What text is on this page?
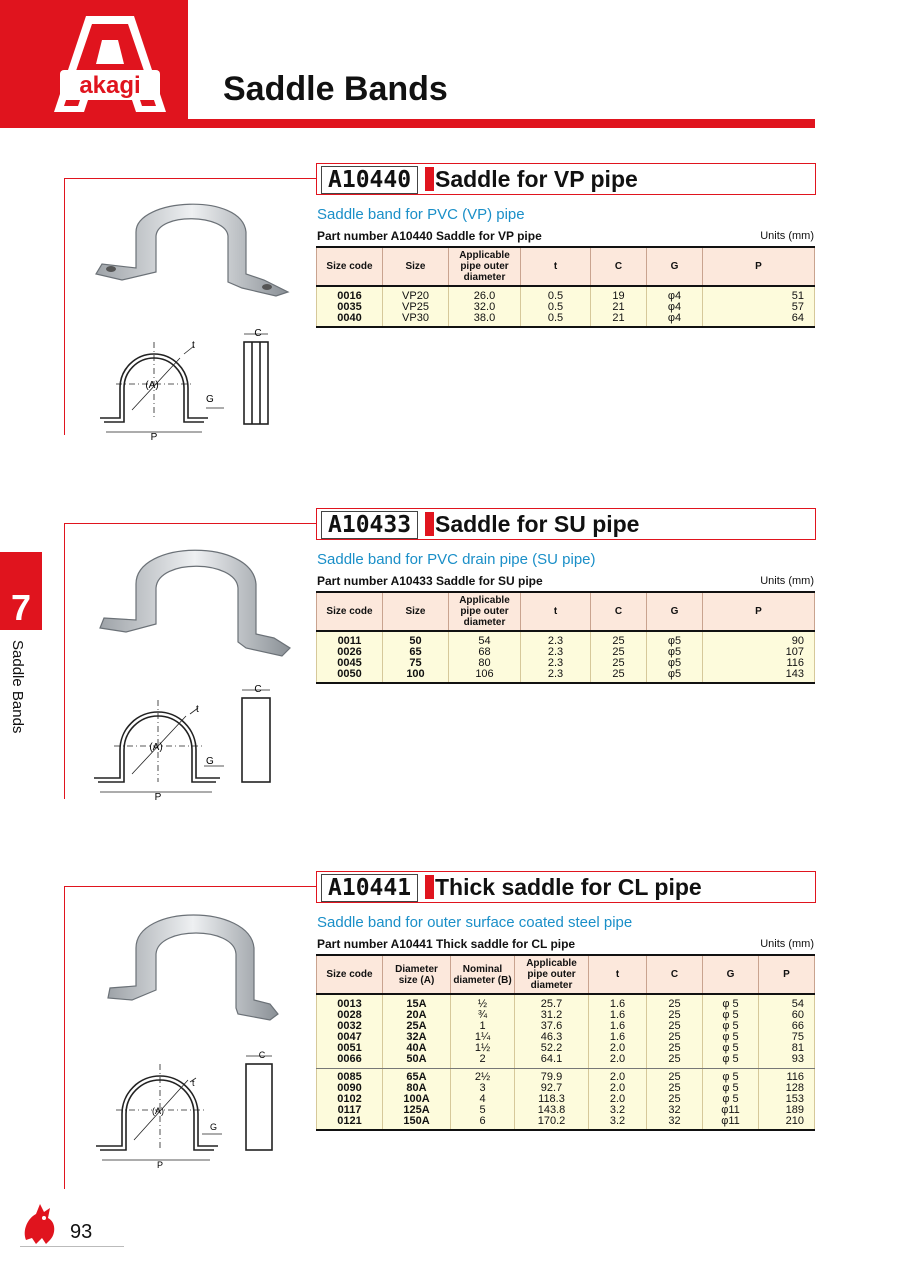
akagi	Saddle Bands
7
Saddle Bands
A10440	Saddle for VP pipe
Saddle band for PVC (VP) pipe
Part number A10440 Saddle for VP pipe	Units (mm)
Size code	Size	Applicable pipe outer diameter	t	C	G	P
0016	VP20	26.0	0.5	19	φ4	51
0035	VP25	32.0	0.5	21	φ4	57
0040	VP30	38.0	0.5	21	φ4	64
(A)
t
G
P
C
A10433	Saddle for SU pipe
Saddle band for PVC drain pipe (SU pipe)
Part number A10433 Saddle for SU pipe	Units (mm)
Size code	Size	Applicable pipe outer diameter	t	C	G	P
0011	50	54	2.3	25	φ5	90
0026	65	68	2.3	25	φ5	107
0045	75	80	2.3	25	φ5	116
0050	100	106	2.3	25	φ5	143
(A)
t
G
P
C
A10441	Thick saddle for CL pipe
Saddle band for outer surface coated steel pipe
Part number A10441 Thick saddle for CL pipe	Units (mm)
Size code	Diameter size (A)	Nominal diameter (B)	Applicable pipe outer diameter	t	C	G	P
0013	15A	½	25.7	1.6	25	φ 5	54
0028	20A	¾	31.2	1.6	25	φ 5	60
0032	25A	1	37.6	1.6	25	φ 5	66
0047	32A	1¼	46.3	1.6	25	φ 5	75
0051	40A	1½	52.2	2.0	25	φ 5	81
0066	50A	2	64.1	2.0	25	φ 5	93
0085	65A	2½	79.9	2.0	25	φ 5	116
0090	80A	3	92.7	2.0	25	φ 5	128
0102	100A	4	118.3	2.0	25	φ 5	153
0117	125A	5	143.8	3.2	32	φ11	189
0121	150A	6	170.2	3.2	32	φ11	210
(A)
t
G
P
C
93
